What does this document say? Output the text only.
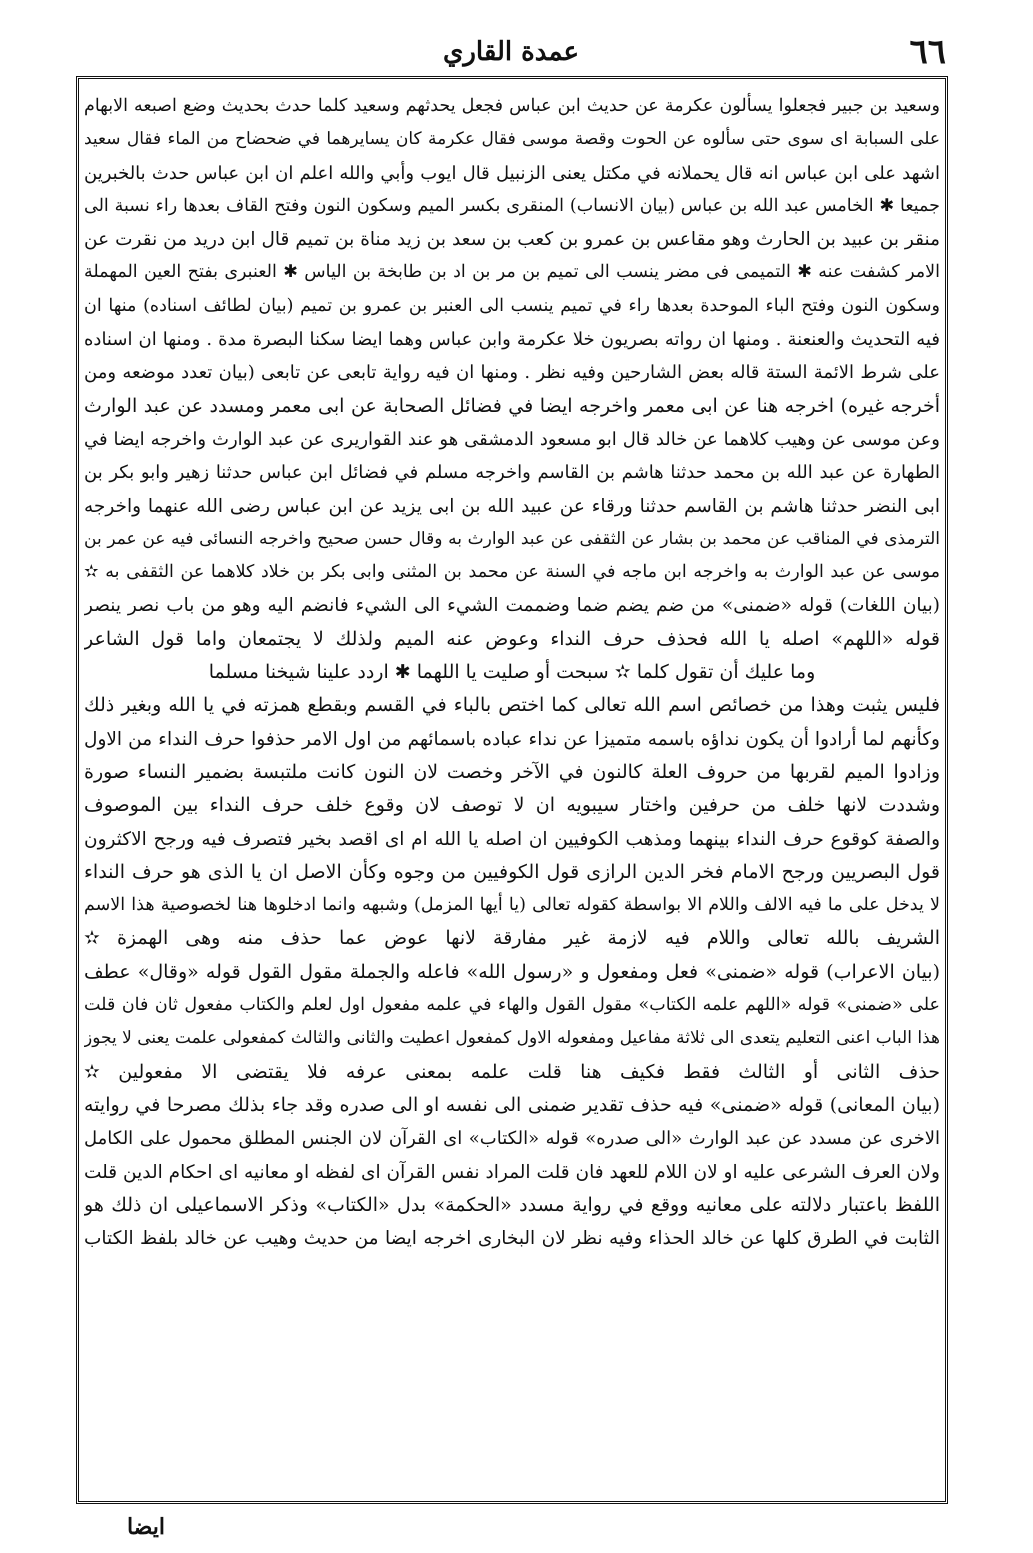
٦٦
عمدة القاري
وسعيد بن جبير فجعلوا يسألون عكرمة عن حديث ابن عباس فجعل يحدثهم وسعيد كلما حدث بحديث وضع اصبعه الابهام
على السبابة اى سوى حتى سألوه عن الحوت وقصة موسى فقال عكرمة كان يسايرهما في ضحضاح من الماء فقال سعيد
اشهد على ابن عباس انه قال يحملانه في مكتل يعنى الزنبيل قال ايوب وأبي والله اعلم ان ابن عباس حدث بالخبرين
جميعا ✱ الخامس عبد الله بن عباس (بيان الانساب) المنقرى بكسر الميم وسكون النون وفتح القاف بعدها راء نسبة الى
منقر بن عبيد بن الحارث وهو مقاعس بن عمرو بن كعب بن سعد بن زيد مناة بن تميم قال ابن دريد من نقرت عن
الامر كشفت عنه ✱ التميمى فى مضر ينسب الى تميم بن مر بن اد بن طابخة بن الياس ✱ العنبرى بفتح العين المهملة
وسكون النون وفتح الباء الموحدة بعدها راء في تميم ينسب الى العنبر بن عمرو بن تميم (بيان لطائف اسناده) منها ان
فيه التحديث والعنعنة . ومنها ان رواته بصريون خلا عكرمة وابن عباس وهما ايضا سكنا البصرة مدة . ومنها ان اسناده
على شرط الائمة الستة قاله بعض الشارحين وفيه نظر . ومنها ان فيه رواية تابعى عن تابعى (بيان تعدد موضعه ومن
أخرجه غيره) اخرجه هنا عن ابى معمر واخرجه ايضا في فضائل الصحابة عن ابى معمر ومسدد عن عبد الوارث
وعن موسى عن وهيب كلاهما عن خالد قال ابو مسعود الدمشقى هو عند القواريرى عن عبد الوارث واخرجه ايضا في
الطهارة عن عبد الله بن محمد حدثنا هاشم بن القاسم واخرجه مسلم في فضائل ابن عباس حدثنا زهير وابو بكر بن
ابى النضر حدثنا هاشم بن القاسم حدثنا ورقاء عن عبيد الله بن ابى يزيد عن ابن عباس رضى الله عنهما واخرجه
الترمذى في المناقب عن محمد بن بشار عن الثقفى عن عبد الوارث به وقال حسن صحيح واخرجه النسائى فيه عن عمر بن
موسى عن عبد الوارث به واخرجه ابن ماجه في السنة عن محمد بن المثنى وابى بكر بن خلاد كلاهما عن الثقفى به ✫
(بيان اللغات) قوله «ضمنى» من ضم يضم ضما وضممت الشيء الى الشيء فانضم اليه وهو من باب نصر ينصر
قوله «اللهم» اصله يا الله فحذف حرف النداء وعوض عنه الميم ولذلك لا يجتمعان واما قول الشاعر
وما عليك أن تقول كلما ✫ سبحت أو صليت يا اللهما ✱ اردد علينا شيخنا مسلما
فليس يثبت وهذا من خصائص اسم الله تعالى كما اختص بالباء في القسم وبقطع همزته في يا الله وبغير ذلك
وكأنهم لما أرادوا أن يكون نداؤه باسمه متميزا عن نداء عباده باسمائهم من اول الامر حذفوا حرف النداء من الاول
وزادوا الميم لقربها من حروف العلة كالنون في الآخر وخصت لان النون كانت ملتبسة بضمير النساء صورة
وشددت لانها خلف من حرفين واختار سيبويه ان لا توصف لان وقوع خلف حرف النداء بين الموصوف
والصفة كوقوع حرف النداء بينهما ومذهب الكوفيين ان اصله يا الله ام اى اقصد بخير فتصرف فيه ورجح الاكثرون
قول البصريين ورجح الامام فخر الدين الرازى قول الكوفيين من وجوه وكأن الاصل ان يا الذى هو حرف النداء
لا يدخل على ما فيه الالف واللام الا بواسطة كقوله تعالى (يا أيها المزمل) وشبهه وانما ادخلوها هنا لخصوصية هذا الاسم
الشريف بالله تعالى واللام فيه لازمة غير مفارقة لانها عوض عما حذف منه وهى الهمزة ✫
(بيان الاعراب) قوله «ضمنى» فعل ومفعول و «رسول الله» فاعله والجملة مقول القول قوله «وقال» عطف
على «ضمنى» قوله «اللهم علمه الكتاب» مقول القول والهاء في علمه مفعول اول لعلم والكتاب مفعول ثان فان قلت
هذا الباب اعنى التعليم يتعدى الى ثلاثة مفاعيل ومفعوله الاول كمفعول اعطيت والثانى والثالث كمفعولى علمت يعنى لا يجوز
حذف الثانى أو الثالث فقط فكيف هنا قلت علمه بمعنى عرفه فلا يقتضى الا مفعولين ✫
(بيان المعانى) قوله «ضمنى» فيه حذف تقدير ضمنى الى نفسه او الى صدره وقد جاء بذلك مصرحا في روايته
الاخرى عن مسدد عن عبد الوارث «الى صدره» قوله «الكتاب» اى القرآن لان الجنس المطلق محمول على الكامل
ولان العرف الشرعى عليه او لان اللام للعهد فان قلت المراد نفس القرآن اى لفظه او معانيه اى احكام الدين قلت
اللفظ باعتبار دلالته على معانيه ووقع في رواية مسدد «الحكمة» بدل «الكتاب» وذكر الاسماعيلى ان ذلك هو
الثابت في الطرق كلها عن خالد الحذاء وفيه نظر لان البخارى اخرجه ايضا من حديث وهيب عن خالد بلفظ الكتاب
ايضا
